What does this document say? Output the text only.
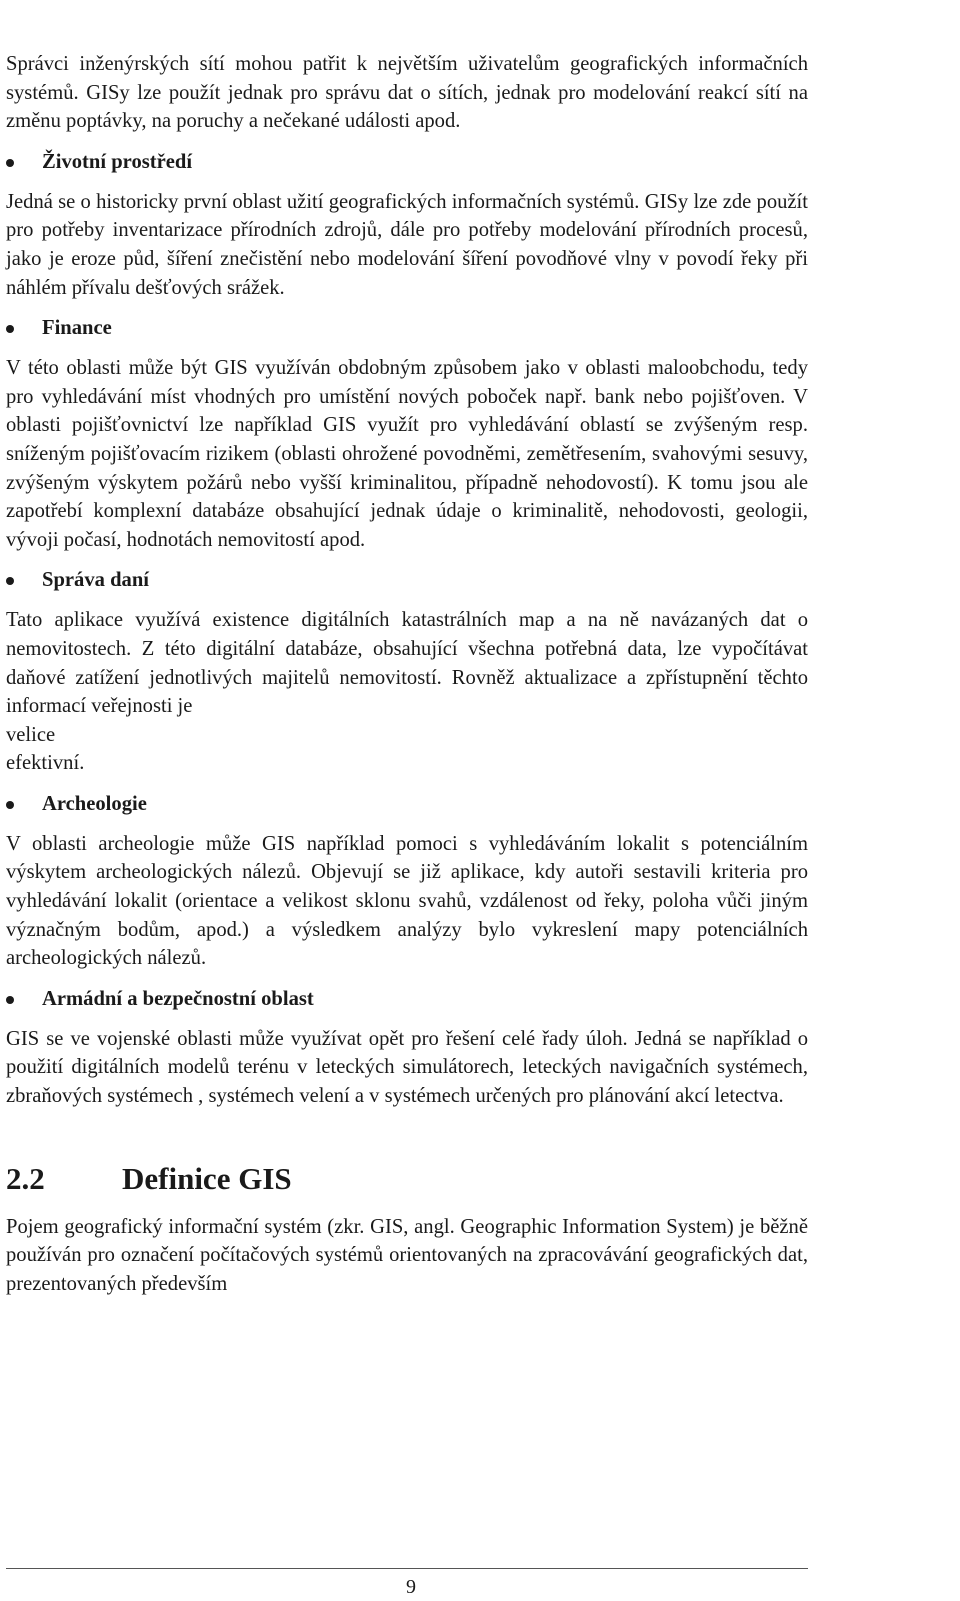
Správci inženýrských sítí mohou patřit k největším uživatelům geografických informačních systémů. GISy lze použít jednak pro správu dat o sítích, jednak pro modelování reakcí sítí na změnu poptávky, na poruchy a nečekané události apod.

Životní prostředí

Jedná se o historicky první oblast užití geografických informačních systémů. GISy lze zde použít pro potřeby inventarizace přírodních zdrojů, dále pro potřeby modelování přírodních procesů, jako je eroze půd, šíření znečistění nebo modelování šíření povodňové vlny v povodí řeky při náhlém přívalu dešťových srážek.

Finance

V této oblasti může být GIS využíván obdobným způsobem jako v oblasti maloobchodu, tedy pro vyhledávání míst vhodných pro umístění nových poboček např. bank nebo pojišťoven. V oblasti pojišťovnictví lze například GIS využít pro vyhledávání oblastí se zvýšeným resp. sníženým pojišťovacím rizikem (oblasti ohrožené povodněmi, zemětřesením, svahovými sesuvy, zvýšeným výskytem požárů nebo vyšší kriminalitou, případně nehodovostí). K tomu jsou ale zapotřebí komplexní databáze obsahující jednak údaje o kriminalitě, nehodovosti, geologii, vývoji počasí, hodnotách nemovitostí apod.

Správa daní

Tato aplikace využívá existence digitálních katastrálních map a na ně navázaných dat o nemovitostech. Z této digitální databáze, obsahující všechna potřebná data, lze vypočítávat daňové zatížení jednotlivých majitelů nemovitostí. Rovněž aktualizace a zpřístupnění těchto informací veřejnosti je

velice

efektivní.

Archeologie

V oblasti archeologie může GIS například pomoci s vyhledáváním lokalit s potenciálním výskytem archeologických nálezů. Objevují se již aplikace, kdy autoři sestavili kriteria pro vyhledávání lokalit (orientace a velikost sklonu svahů, vzdálenost od řeky, poloha vůči jiným význačným bodům, apod.) a výsledkem analýzy bylo vykreslení mapy potenciálních archeologických nálezů.

Armádní a bezpečnostní oblast

GIS se ve vojenské oblasti může využívat opět pro řešení celé řady úloh. Jedná se například o použití digitálních modelů terénu v leteckých simulátorech, leteckých navigačních systémech, zbraňových systémech , systémech velení a v systémech určených pro plánování akcí letectva.

2.2	Definice GIS

Pojem geografický informační systém (zkr. GIS, angl. Geographic Information System) je běžně používán pro označení počítačových systémů orientovaných na zpracovávání geografických dat, prezentovaných především

9
